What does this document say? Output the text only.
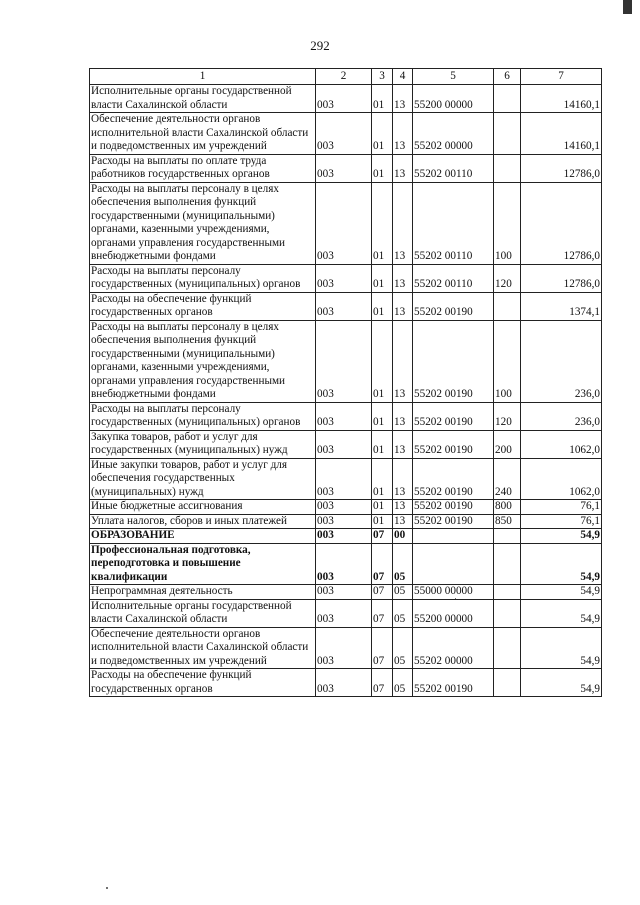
292
1	2	3	4	5	6	7
Исполнительные органы государственной власти Сахалинской области	003	01	13	55200 00000		14160,1
Обеспечение деятельности органов исполнительной власти Сахалинской области и подведомственных им учреждений	003	01	13	55202 00000		14160,1
Расходы на выплаты по оплате труда работников государственных органов	003	01	13	55202 00110		12786,0
Расходы на выплаты персоналу в целях обеспечения выполнения функций государственными (муниципальными) органами, казенными учреждениями, органами управления государственными внебюджетными фондами	003	01	13	55202 00110	100	12786,0
Расходы на выплаты персоналу государственных (муниципальных) органов	003	01	13	55202 00110	120	12786,0
Расходы на обеспечение функций государственных органов	003	01	13	55202 00190		1374,1
Расходы на выплаты персоналу в целях обеспечения выполнения функций государственными (муниципальными) органами, казенными учреждениями, органами управления государственными внебюджетными фондами	003	01	13	55202 00190	100	236,0
Расходы на выплаты персоналу государственных (муниципальных) органов	003	01	13	55202 00190	120	236,0
Закупка товаров, работ и услуг для государственных (муниципальных) нужд	003	01	13	55202 00190	200	1062,0
Иные закупки товаров, работ и услуг для обеспечения государственных (муниципальных) нужд	003	01	13	55202 00190	240	1062,0
Иные бюджетные ассигнования	003	01	13	55202 00190	800	76,1
Уплата налогов, сборов и иных платежей	003	01	13	55202 00190	850	76,1
ОБРАЗОВАНИЕ	003	07	00			54,9
Профессиональная подготовка, переподготовка и повышение квалификации	003	07	05			54,9
Непрограммная деятельность	003	07	05	55000 00000		54,9
Исполнительные органы государственной власти Сахалинской области	003	07	05	55200 00000		54,9
Обеспечение деятельности органов исполнительной власти Сахалинской области и подведомственных им учреждений	003	07	05	55202 00000		54,9
Расходы на обеспечение функций государственных органов	003	07	05	55202 00190		54,9
